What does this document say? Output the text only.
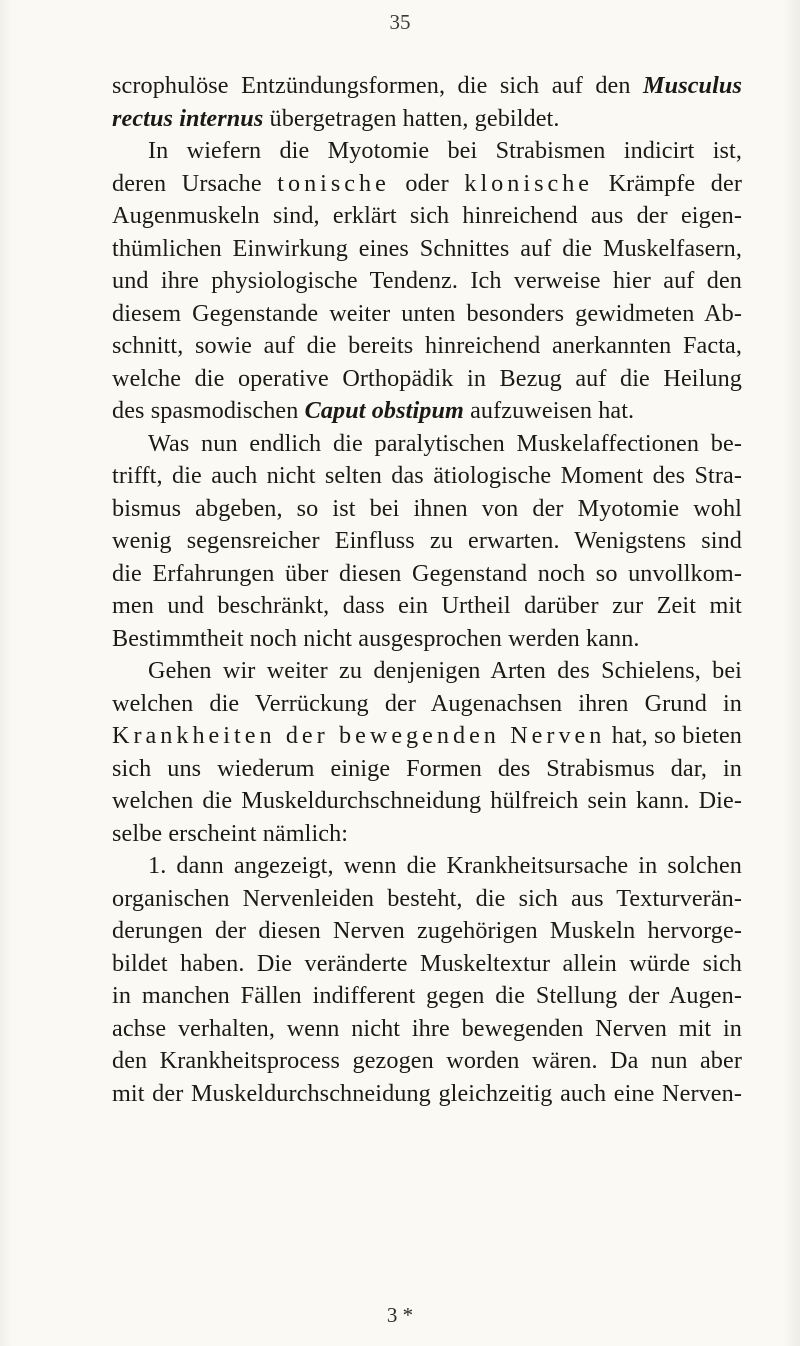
35
scrophulöse Entzündungsformen, die sich auf den Musculus
rectus internus übergetragen hatten, gebildet.
In wiefern die Myotomie bei Strabismen indicirt ist,
deren Ursache tonische oder klonische Krämpfe der
Augenmuskeln sind, erklärt sich hinreichend aus der eigen-
thümlichen Einwirkung eines Schnittes auf die Muskelfasern,
und ihre physiologische Tendenz. Ich verweise hier auf den
diesem Gegenstande weiter unten besonders gewidmeten Ab-
schnitt, sowie auf die bereits hinreichend anerkannten Facta,
welche die operative Orthopädik in Bezug auf die Heilung
des spasmodischen Caput obstipum aufzuweisen hat.
Was nun endlich die paralytischen Muskelaffectionen be-
trifft, die auch nicht selten das ätiologische Moment des Stra-
bismus abgeben, so ist bei ihnen von der Myotomie wohl
wenig segensreicher Einfluss zu erwarten. Wenigstens sind
die Erfahrungen über diesen Gegenstand noch so unvollkom-
men und beschränkt, dass ein Urtheil darüber zur Zeit mit
Bestimmtheit noch nicht ausgesprochen werden kann.
Gehen wir weiter zu denjenigen Arten des Schielens, bei
welchen die Verrückung der Augenachsen ihren Grund in
Krankheiten der bewegenden Nerven hat, so bieten
sich uns wiederum einige Formen des Strabismus dar, in
welchen die Muskeldurchschneidung hülfreich sein kann. Die-
selbe erscheint nämlich:
1. dann angezeigt, wenn die Krankheitsursache in solchen
organischen Nervenleiden besteht, die sich aus Texturverän-
derungen der diesen Nerven zugehörigen Muskeln hervorge-
bildet haben. Die veränderte Muskeltextur allein würde sich
in manchen Fällen indifferent gegen die Stellung der Augen-
achse verhalten, wenn nicht ihre bewegenden Nerven mit in
den Krankheitsprocess gezogen worden wären. Da nun aber
mit der Muskeldurchschneidung gleichzeitig auch eine Nerven-
3 *
